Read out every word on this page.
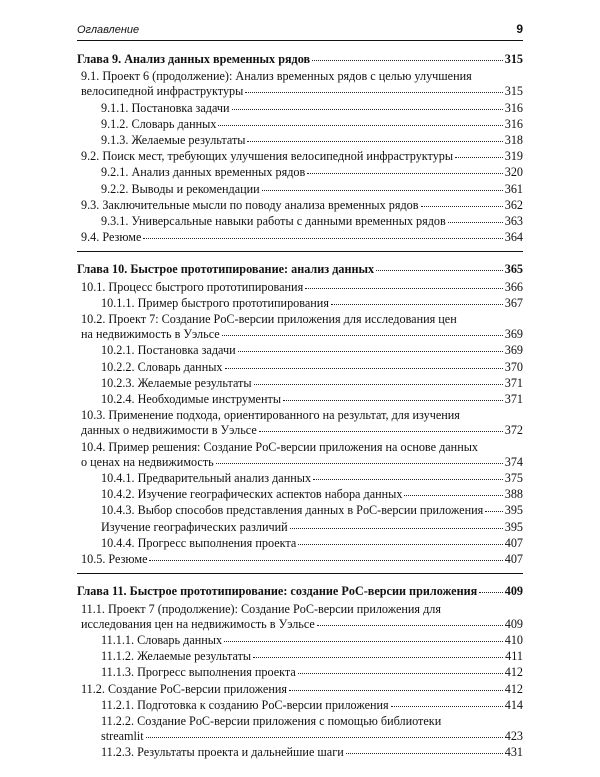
Оглавление	9
Глава 9. Анализ данных временных рядов	315
9.1. Проект 6 (продолжение): Анализ временных рядов с целью улучшения
велосипедной инфраструктуры	315
9.1.1. Постановка задачи	316
9.1.2. Словарь данных	316
9.1.3. Желаемые результаты	318
9.2. Поиск мест, требующих улучшения велосипедной инфраструктуры	319
9.2.1. Анализ данных временных рядов	320
9.2.2. Выводы и рекомендации	361
9.3. Заключительные мысли по поводу анализа временных рядов	362
9.3.1. Универсальные навыки работы с данными временных рядов	363
9.4. Резюме	364
Глава 10. Быстрое прототипирование: анализ данных	365
10.1. Процесс быстрого прототипирования	366
10.1.1. Пример быстрого прототипирования	367
10.2. Проект 7: Создание PoC-версии приложения для исследования цен
на недвижимость в Уэльсе	369
10.2.1. Постановка задачи	369
10.2.2. Словарь данных	370
10.2.3. Желаемые результаты	371
10.2.4. Необходимые инструменты	371
10.3. Применение подхода, ориентированного на результат, для изучения
данных о недвижимости в Уэльсе	372
10.4. Пример решения: Создание PoC-версии приложения на основе данных
о ценах на недвижимость	374
10.4.1. Предварительный анализ данных	375
10.4.2. Изучение географических аспектов набора данных	388
10.4.3. Выбор способов представления данных в PoC-версии приложения 395
Изучение географических различий	395
10.4.4. Прогресс выполнения проекта	407
10.5. Резюме	407
Глава 11. Быстрое прототипирование: создание PoC-версии приложения 409
11.1. Проект 7 (продолжение): Создание PoC-версии приложения для
исследования цен на недвижимость в Уэльсе	409
11.1.1. Словарь данных	410
11.1.2. Желаемые результаты	411
11.1.3. Прогресс выполнения проекта	412
11.2. Создание PoC-версии приложения	412
11.2.1. Подготовка к созданию PoC-версии приложения	414
11.2.2. Создание PoC-версии приложения с помощью библиотеки
streamlit	423
11.2.3. Результаты проекта и дальнейшие шаги	431
